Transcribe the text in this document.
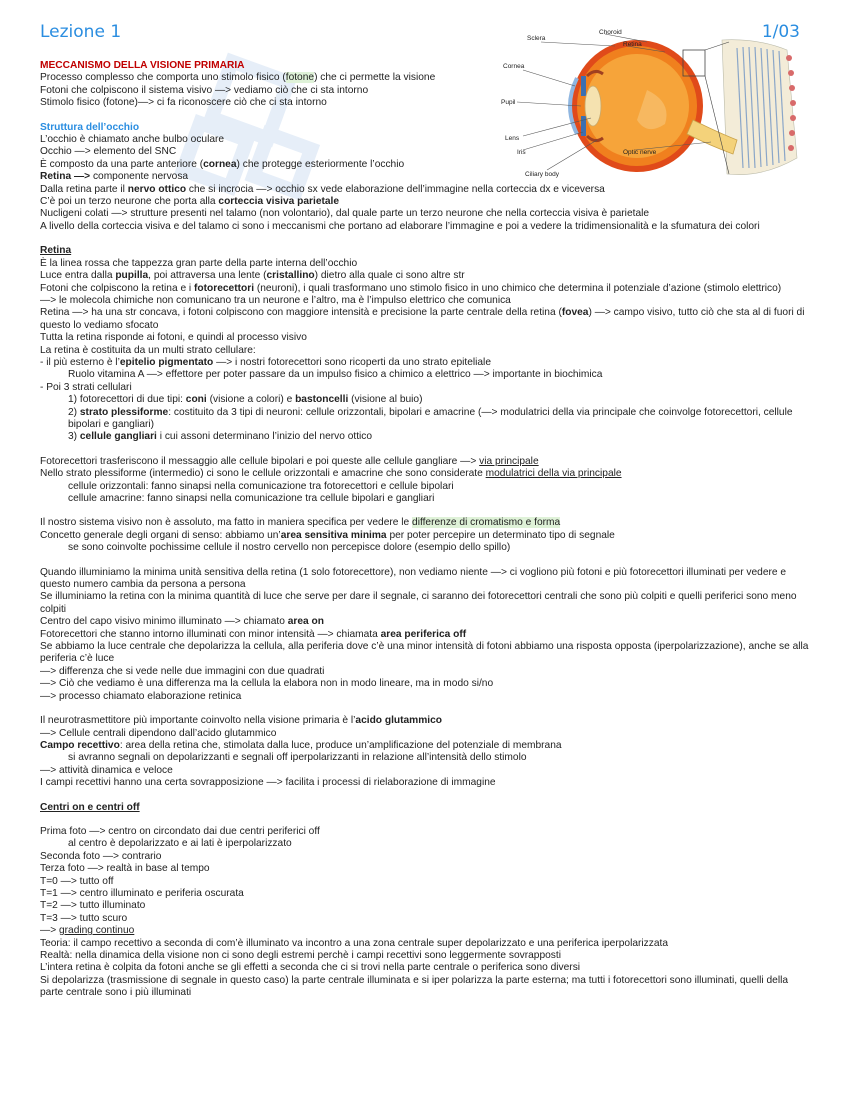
Lezione 1	1/03
Sclera
Choroid
Retina
Cornea
Pupil
Lens
Iris
Ciliary body
Optic nerve
MECCANISMO DELLA VISIONE PRIMARIA
Processo complesso che comporta uno stimolo fisico (fotone) che ci permette la visione
Fotoni che colpiscono il sistema visivo —> vediamo ciò che ci sta intorno
Stimolo fisico (fotone)—> ci fa riconoscere ciò che ci sta intorno
Struttura dell’occhio
L’occhio è chiamato anche bulbo oculare
Occhio —> elemento del SNC
È composto da una parte anteriore (cornea) che protegge esteriormente l’occhio
Retina —> componente nervosa
Dalla retina parte il nervo ottico che si incrocia —> occhio sx vede elaborazione dell’immagine nella corteccia dx e viceversa
C’è poi un terzo neurone che porta alla corteccia visiva parietale
Nucligeni colati —> strutture presenti nel talamo (non volontario), dal quale parte un terzo neurone che nella corteccia visiva è parietale
A livello della corteccia visiva e del talamo ci sono i meccanismi che portano ad elaborare l’immagine e poi a vedere la tridimensionalità e la sfumatura dei colori
Retina
È la linea rossa che tappezza gran parte della parte interna dell’occhio
Luce entra dalla pupilla, poi attraversa una lente (cristallino) dietro alla quale ci sono altre str
Fotoni che colpiscono la retina e i fotorecettori (neuroni), i quali trasformano uno stimolo fisico in uno chimico che determina il potenziale d’azione (stimolo elettrico)
—> le molecola chimiche non comunicano tra un neurone e l’altro, ma è l’impulso elettrico che comunica
Retina —> ha una str concava, i fotoni colpiscono con maggiore intensità e precisione la parte centrale della retina (fovea) —> campo visivo, tutto ciò che sta al di fuori di questo lo vediamo sfocato
Tutta la retina risponde ai fotoni, e quindi al processo visivo
La retina è costituita da un multi strato cellulare:
- il più esterno è l’epitelio pigmentato —> i nostri fotorecettori sono ricoperti da uno strato epiteliale
Ruolo vitamina A —> effettore per poter passare da un impulso fisico a chimico a elettrico —> importante in biochimica
- Poi 3 strati cellulari
1) fotorecettori di due tipi: coni (visione a colori) e bastoncelli (visione al buio)
2) strato plessiforme: costituito da 3 tipi di neuroni: cellule orizzontali, bipolari e amacrine (—> modulatrici della via principale che coinvolge fotorecettori, cellule bipolari e gangliari)
3) cellule gangliari i cui assoni determinano l’inizio del nervo ottico
Fotorecettori trasferiscono il messaggio alle cellule bipolari e poi queste alle cellule gangliare —> via principale
Nello strato plessiforme (intermedio) ci sono le cellule orizzontali e amacrine che sono considerate modulatrici della via principale
cellule orizzontali: fanno sinapsi nella comunicazione tra fotorecettori e cellule bipolari
cellule amacrine: fanno sinapsi nella comunicazione tra cellule bipolari e gangliari
Il nostro sistema visivo non è assoluto, ma fatto in maniera specifica per vedere le differenze di cromatismo e forma
Concetto generale degli organi di senso: abbiamo un’area sensitiva minima per poter percepire un determinato tipo di segnale
se sono coinvolte pochissime cellule il nostro cervello non percepisce dolore (esempio dello spillo)
Quando illuminiamo la minima unità sensitiva della retina (1 solo fotorecettore), non vediamo niente —> ci vogliono più fotoni e più fotorecettori illuminati per vedere e questo numero cambia da persona a persona
Se illuminiamo la retina con la minima quantità di luce che serve per dare il segnale, ci saranno dei fotorecettori centrali che sono più colpiti e quelli periferici sono meno colpiti
Centro del capo visivo minimo illuminato —> chiamato area on
Fotorecettori che stanno intorno illuminati con minor intensità —> chiamata area periferica off
Se abbiamo la luce centrale che depolarizza la cellula, alla periferia dove c’è una minor intensità di fotoni abbiamo una risposta opposta (iperpolarizzazione), anche se alla periferia c’è luce
—> differenza che si vede nelle due immagini con due quadrati
—> Ciò che vediamo è una differenza ma la cellula la elabora non in modo lineare, ma in modo si/no
—> processo chiamato elaborazione retinica
Il neurotrasmettitore più importante coinvolto nella visione primaria è l’acido glutammico
—> Cellule centrali dipendono dall’acido glutammico
Campo recettivo: area della retina che, stimolata dalla luce, produce un’amplificazione del potenziale di membrana
si avranno segnali on depolarizzanti e segnali off iperpolarizzanti in relazione all’intensità dello stimolo
—> attività dinamica e veloce
I campi recettivi hanno una certa sovrapposizione —> facilita i processi di rielaborazione di immagine
Centri on e centri off
Prima foto —> centro on circondato dai due centri periferici off
al centro è depolarizzato e ai lati è iperpolarizzato
Seconda foto —> contrario
Terza foto —> realtà in base al tempo
T=0 —> tutto off
T=1 —> centro illuminato e periferia oscurata
T=2 —> tutto illuminato
T=3 —> tutto scuro
—> grading continuo
Teoria: il campo recettivo a seconda di com’è illuminato va incontro a una zona centrale super depolarizzato e una periferica iperpolarizzata
Realtà: nella dinamica della visione non ci sono degli estremi perchè i campi recettivi sono leggermente sovrapposti
L’intera retina è colpita da fotoni anche se gli effetti a seconda che ci si trovi nella parte centrale o periferica sono diversi
Si depolarizza (trasmissione di segnale in questo caso) la parte centrale illuminata e si iper polarizza la parte esterna; ma tutti i fotorecettori sono illuminati, quelli della parte centrale sono i più illuminati
